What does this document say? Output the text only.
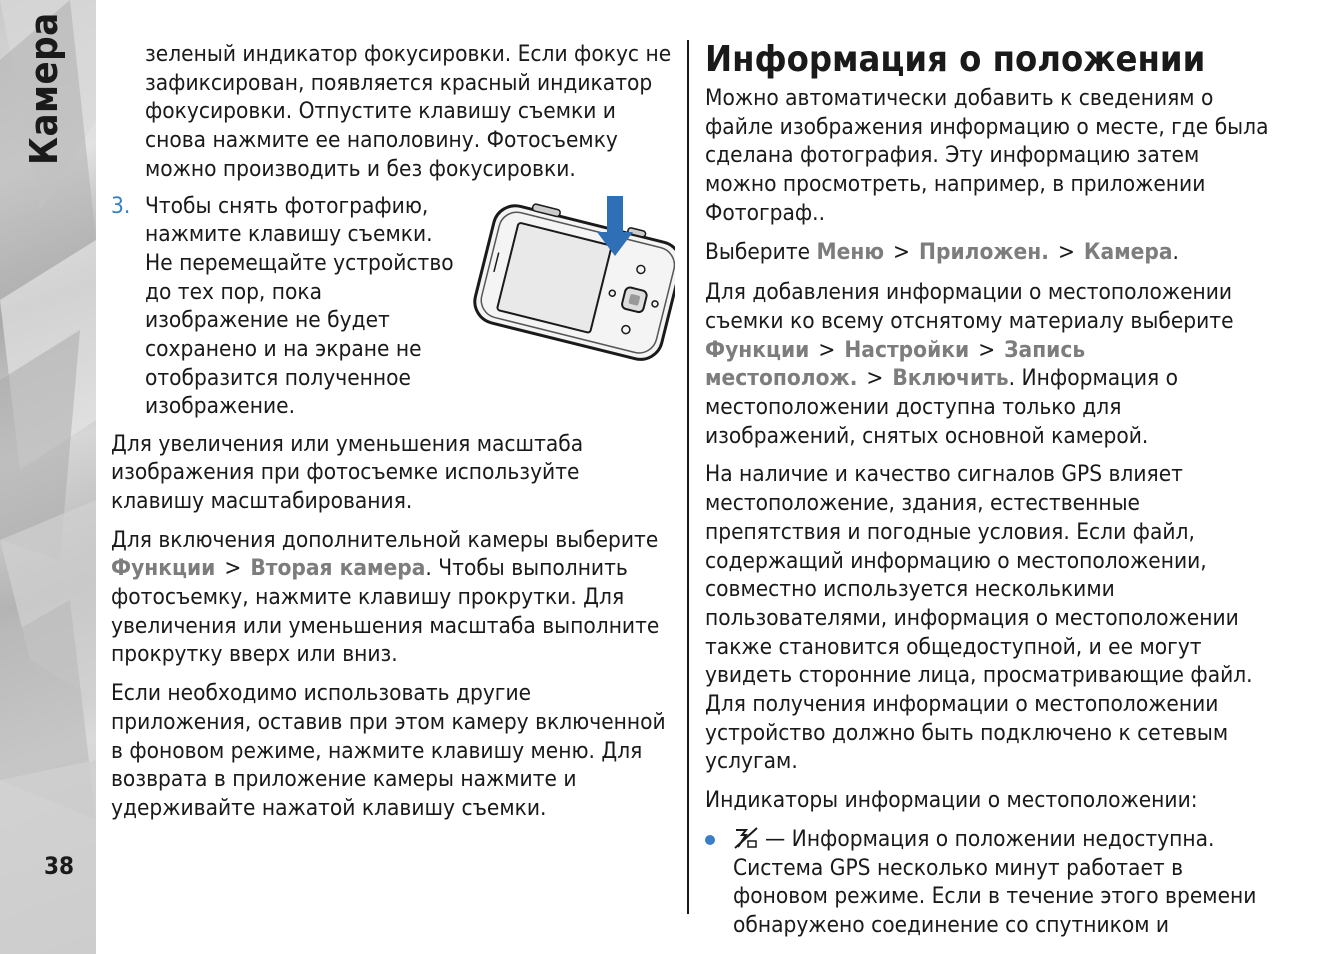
Камера
38

зеленый индикатор фокусировки. Если фокус не зафиксирован, появляется красный индикатор фокусировки. Отпустите клавишу съемки и снова нажмите ее наполовину. Фотосъемку можно производить и без фокусировки.

3. Чтобы снять фотографию, нажмите клавишу съемки. Не перемещайте устройство до тех пор, пока изображение не будет сохранено и на экране не отобразится полученное изображение.

Для увеличения или уменьшения масштаба изображения при фотосъемке используйте клавишу масштабирования.

Для включения дополнительной камеры выберите
Функции > Вторая камера. Чтобы выполнить фотосъемку, нажмите клавишу прокрутки. Для увеличения или уменьшения масштаба выполните прокрутку вверх или вниз.

Если необходимо использовать другие приложения, оставив при этом камеру включенной в фоновом режиме, нажмите клавишу меню. Для возврата в приложение камеры нажмите и удерживайте нажатой клавишу съемки.

Информация о положении

Можно автоматически добавить к сведениям о файле изображения информацию о месте, где была сделана фотография. Эту информацию затем можно просмотреть, например, в приложении Фотограф..

Выберите Меню > Приложен. > Камера.

Для добавления информации о местоположении съемки ко всему отснятому материалу выберите Функции > Настройки > Запись местополож. > Включить. Информация о местоположении доступна только для изображений, снятых основной камерой.

На наличие и качество сигналов GPS влияет местоположение, здания, естественные препятствия и погодные условия. Если файл, содержащий информацию о местоположении, совместно используется несколькими пользователями, информация о местоположении также становится общедоступной, и ее могут увидеть сторонние лица, просматривающие файл. Для получения информации о местоположении устройство должно быть подключено к сетевым услугам.

Индикаторы информации о местоположении:

— Информация о положении недоступна. Система GPS несколько минут работает в фоновом режиме. Если в течение этого времени обнаружено соединение со спутником и
